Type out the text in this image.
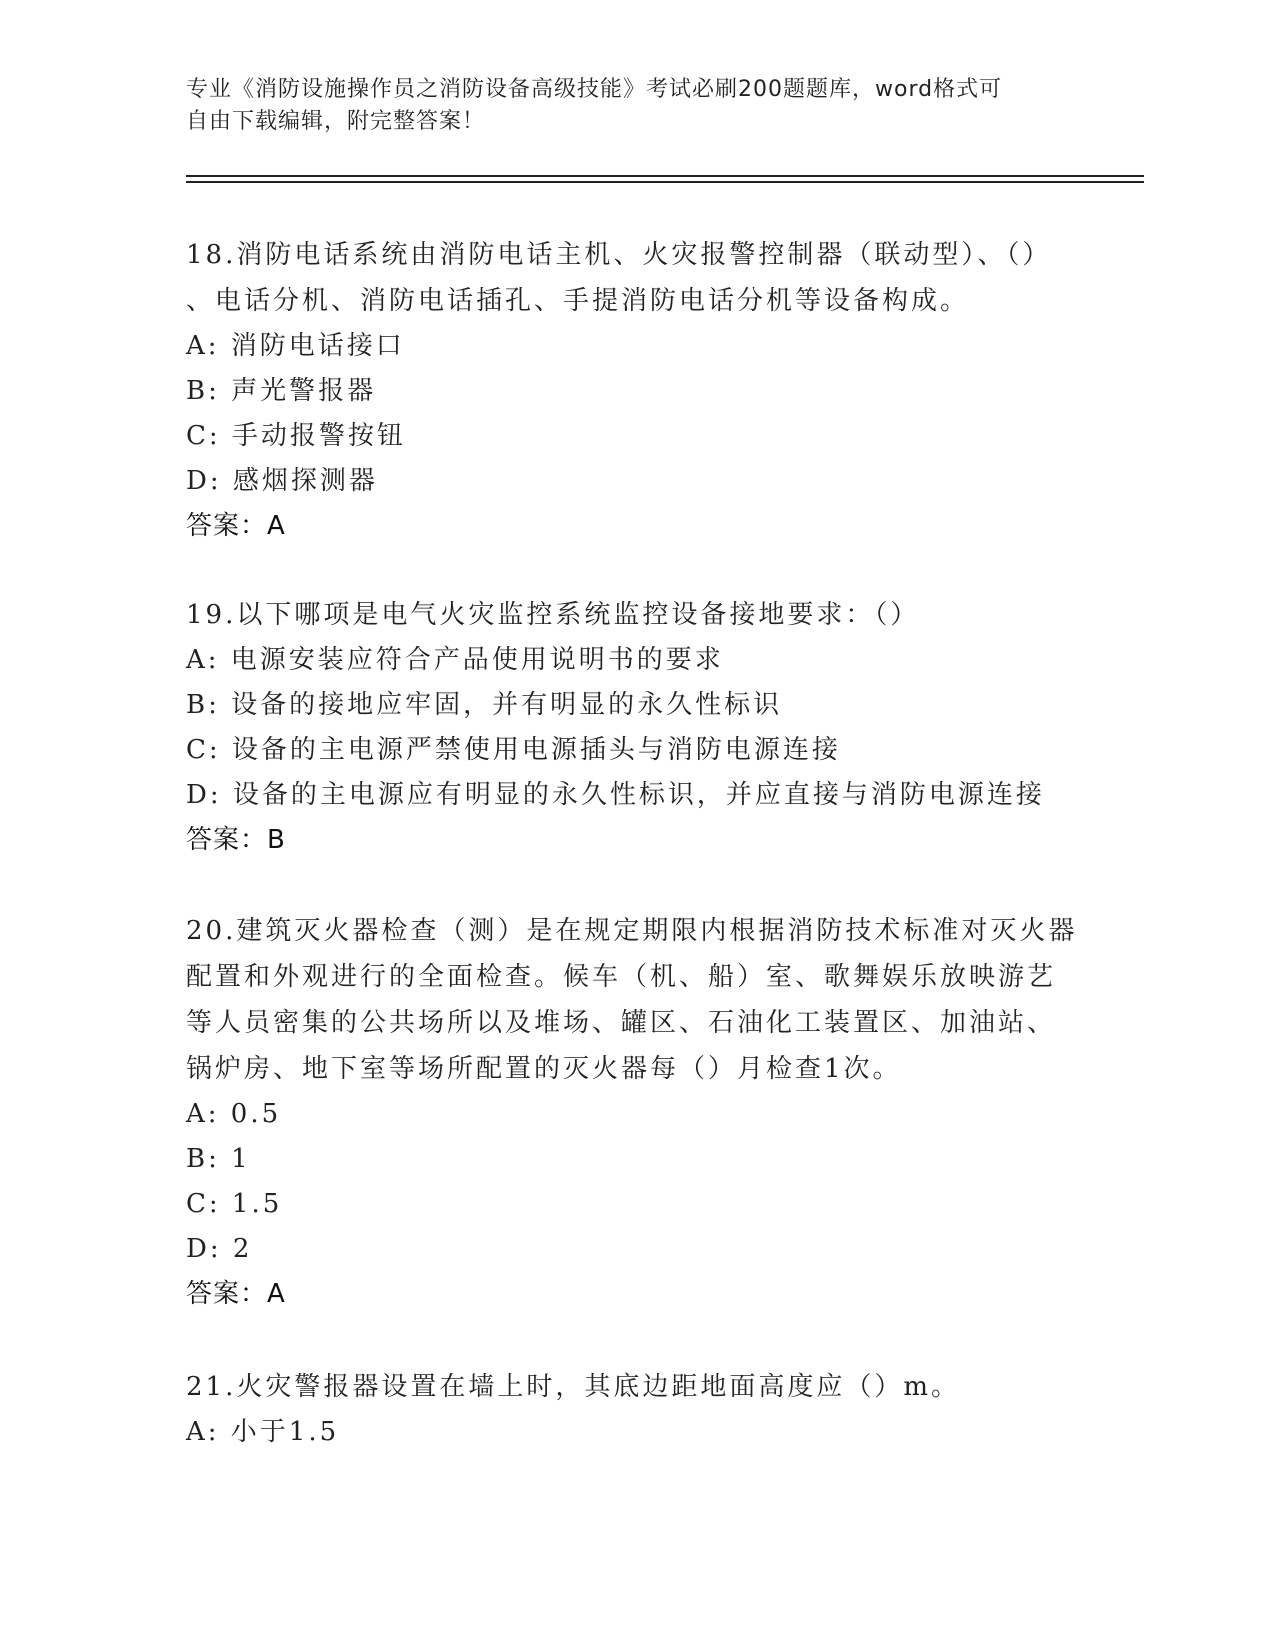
专业《消防设施操作员之消防设备高级技能》考试必刷200题题库，word格式可
自由下载编辑，附完整答案！
18.消防电话系统由消防电话主机、火灾报警控制器（联动型）、（）
、电话分机、消防电话插孔、手提消防电话分机等设备构成。
A: 消防电话接口
B: 声光警报器
C: 手动报警按钮
D: 感烟探测器
答案：A
19.以下哪项是电气火灾监控系统监控设备接地要求：（）
A: 电源安装应符合产品使用说明书的要求
B: 设备的接地应牢固，并有明显的永久性标识
C: 设备的主电源严禁使用电源插头与消防电源连接
D: 设备的主电源应有明显的永久性标识，并应直接与消防电源连接
答案：B
20.建筑灭火器检查（测）是在规定期限内根据消防技术标准对灭火器
配置和外观进行的全面检查。候车（机、船）室、歌舞娱乐放映游艺
等人员密集的公共场所以及堆场、罐区、石油化工装置区、加油站、
锅炉房、地下室等场所配置的灭火器每（）月检查1次。
A: 0.5
B: 1
C: 1.5
D: 2
答案：A
21.火灾警报器设置在墙上时，其底边距地面高度应（）m。
A: 小于1.5
